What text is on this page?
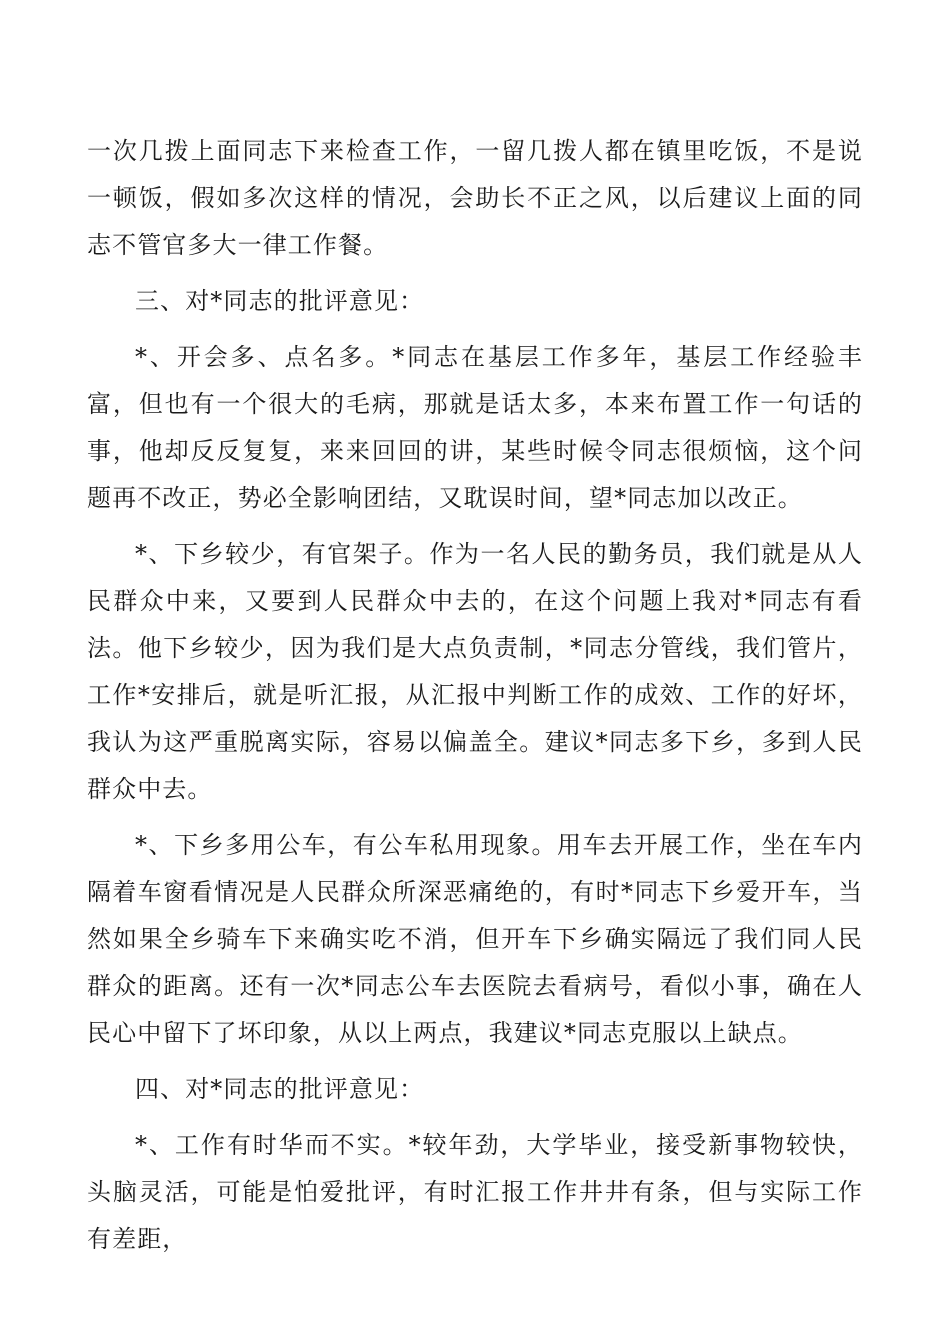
一次几拨上面同志下来检查工作，一留几拨人都在镇里吃饭，不是说一顿饭，假如多次这样的情况，会助长不正之风，以后建议上面的同志不管官多大一律工作餐。

三、对*同志的批评意见：

*、开会多、点名多。*同志在基层工作多年，基层工作经验丰富，但也有一个很大的毛病，那就是话太多，本来布置工作一句话的事，他却反反复复，来来回回的讲，某些时候令同志很烦恼，这个问题再不改正，势必全影响团结，又耽误时间，望*同志加以改正。

*、下乡较少，有官架子。作为一名人民的勤务员，我们就是从人民群众中来，又要到人民群众中去的，在这个问题上我对*同志有看法。他下乡较少，因为我们是大点负责制，*同志分管线，我们管片，工作*安排后，就是听汇报，从汇报中判断工作的成效、工作的好坏，我认为这严重脱离实际，容易以偏盖全。建议*同志多下乡，多到人民群众中去。

*、下乡多用公车，有公车私用现象。用车去开展工作，坐在车内隔着车窗看情况是人民群众所深恶痛绝的，有时*同志下乡爱开车，当然如果全乡骑车下来确实吃不消，但开车下乡确实隔远了我们同人民群众的距离。还有一次*同志公车去医院去看病号，看似小事，确在人民心中留下了坏印象，从以上两点，我建议*同志克服以上缺点。

四、对*同志的批评意见：

*、工作有时华而不实。*较年劲，大学毕业，接受新事物较快，头脑灵活，可能是怕爱批评，有时汇报工作井井有条，但与实际工作有差距，
